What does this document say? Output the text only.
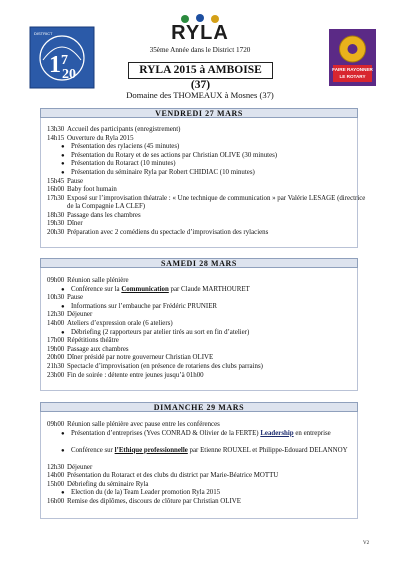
1 7
20
DISTRICT	RYLA
FAIRE RAYONNER
LE ROTARY
35ème Année dans le District 1720
RYLA 2015 à AMBOISE (37)
Domaine des THOMEAUX à Mosnes (37)
VENDREDI 27 MARS
13h30 Accueil des participants (enregistrement)
14h15 Ouverture du Ryla 2015
● Présentation des rylaciens (45 minutes)
● Présentation du Rotary et de ses actions par Christian OLIVE (30 minutes)
● Présentation du Rotaract (10 minutes)
● Présentation du séminaire Ryla par Robert CHIDIAC (10 minutes)
15h45 Pause
16h00 Baby foot humain
17h30 Exposé sur l’improvisation théatrale : « Une technique de communication » par Valérie LESAGE (directrice de la Compagnie LA CLEF)
18h30 Passage dans les chambres
19h30 Dîner
20h30 Préparation avec 2 comédiens du spectacle d’improvisation des rylaciens
SAMEDI 28 MARS
09h00 Réunion salle plénière
● Conférence sur la Communication par Claude MARTHOURET
10h30 Pause
● Informations sur l’embauche par Frédéric PRUNIER
12h30 Déjeuner
14h00 Ateliers d’expression orale (6 ateliers)
● Débriefing (2 rapporteurs par atelier tirés au sort en fin d’atelier)
17h00 Répétitions théâtre
19h00 Passage aux chambres
20h00 Dîner présidé par notre gouverneur Christian OLIVE
21h30 Spectacle d’improvisation (en présence de rotariens des clubs parrains)
23h00 Fin de soirée : détente entre jeunes jusqu’à 01h00
DIMANCHE 29 MARS
09h00 Réunion salle plénière avec pause entre les conférences
● Présentation d’entreprises (Yves CONRAD & Olivier de la FERTE) Leadership en entreprise
● Conférence sur l’Ethique professionnelle par Etienne ROUXEL et Philippe-Edouard DELANNOY
12h30 Déjeuner
14h00 Présentation du Rotaract et des clubs du district par Marie-Béatrice MOTTU
15h00 Débriefing du séminaire Ryla
● Election du (de la) Team Leader promotion Ryla 2015
16h00 Remise des diplômes, discours de clôture par Christian OLIVE
V2
